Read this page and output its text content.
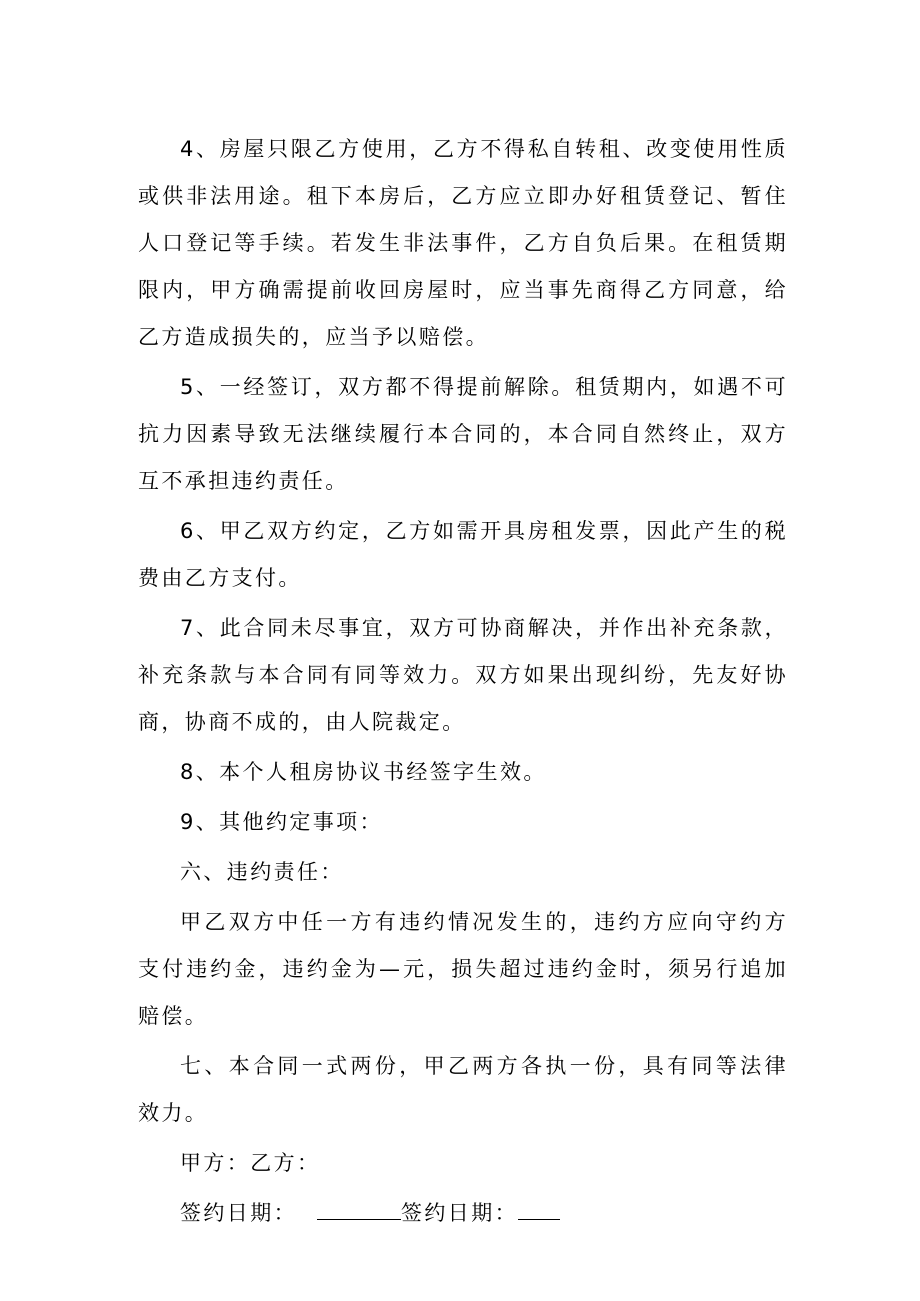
4、房屋只限乙方使用，乙方不得私自转租、改变使用性质或供非法用途。租下本房后，乙方应立即办好租赁登记、暂住人口登记等手续。若发生非法事件，乙方自负后果。在租赁期限内，甲方确需提前收回房屋时，应当事先商得乙方同意，给乙方造成损失的，应当予以赔偿。

5、一经签订，双方都不得提前解除。租赁期内，如遇不可抗力因素导致无法继续履行本合同的，本合同自然终止，双方互不承担违约责任。

6、甲乙双方约定，乙方如需开具房租发票，因此产生的税费由乙方支付。

7、此合同未尽事宜，双方可协商解决，并作出补充条款，补充条款与本合同有同等效力。双方如果出现纠纷，先友好协商，协商不成的，由人院裁定。

8、本个人租房协议书经签字生效。

9、其他约定事项：

六、违约责任：

甲乙双方中任一方有违约情况发生的，违约方应向守约方支付违约金，违约金为—元，损失超过违约金时，须另行追加赔偿。

七、本合同一式两份，甲乙两方各执一份，具有同等法律效力。

甲方：乙方：

签约日期：	签约日期：
